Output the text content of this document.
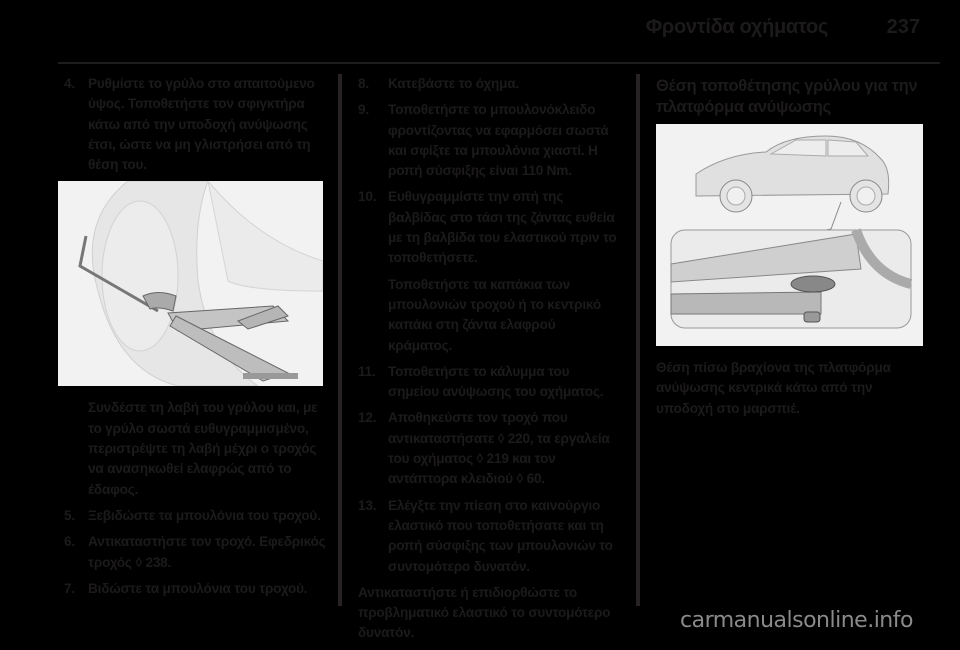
Φροντίδα οχήματος	237
4. Ρυθμίστε το γρύλο στο απαιτούμενο ύψος. Τοποθετήστε τον σφιγκτήρα κάτω από την υποδοχή ανύψωσης έτσι, ώστε να μη γλιστρήσει από τη θέση του.
Συνδέστε τη λαβή του γρύλου και, με το γρύλο σωστά ευθυγραμμισμένο, περιστρέψτε τη λαβή μέχρι ο τροχός να ανασηκωθεί ελαφρώς από το έδαφος.
5. Ξεβιδώστε τα μπουλόνια του τροχού.
6. Αντικαταστήστε τον τροχό. Εφεδρικός τροχός ◊ 238.
7. Βιδώστε τα μπουλόνια του τροχού.
8. Κατεβάστε το όχημα.
9. Τοποθετήστε το μπουλονόκλειδο φροντίζοντας να εφαρμόσει σωστά και σφίξτε τα μπουλόνια χιαστί. Η ροπή σύσφιξης είναι 110 Nm.
10. Ευθυγραμμίστε την οπή της βαλβίδας στο τάσι της ζάντας ευθεία με τη βαλβίδα του ελαστικού πριν το τοποθετήσετε.
Τοποθετήστε τα καπάκια των μπουλονιών τροχού ή το κεντρικό καπάκι στη ζάντα ελαφρού κράματος.
11. Τοποθετήστε το κάλυμμα του σημείου ανύψωσης του οχήματος.
12. Αποθηκεύστε τον τροχό που αντικαταστήσατε ◊ 220, τα εργαλεία του οχήματος ◊ 219 και τον αντάπτορα κλειδιού ◊ 60.
13. Ελέγξτε την πίεση στο καινούργιο ελαστικό που τοποθετήσατε και τη ροπή σύσφιξης των μπουλονιών το συντομότερο δυνατόν.
Αντικαταστήστε ή επιδιορθώστε το προβληματικό ελαστικό το συντομότερο δυνατόν.
Θέση τοποθέτησης γρύλου για την πλατφόρμα ανύψωσης
Θέση πίσω βραχίονα της πλατφόρμα ανύψωσης κεντρικά κάτω από την υποδοχή στο μαρσπιέ.
carmanualsonline.info
